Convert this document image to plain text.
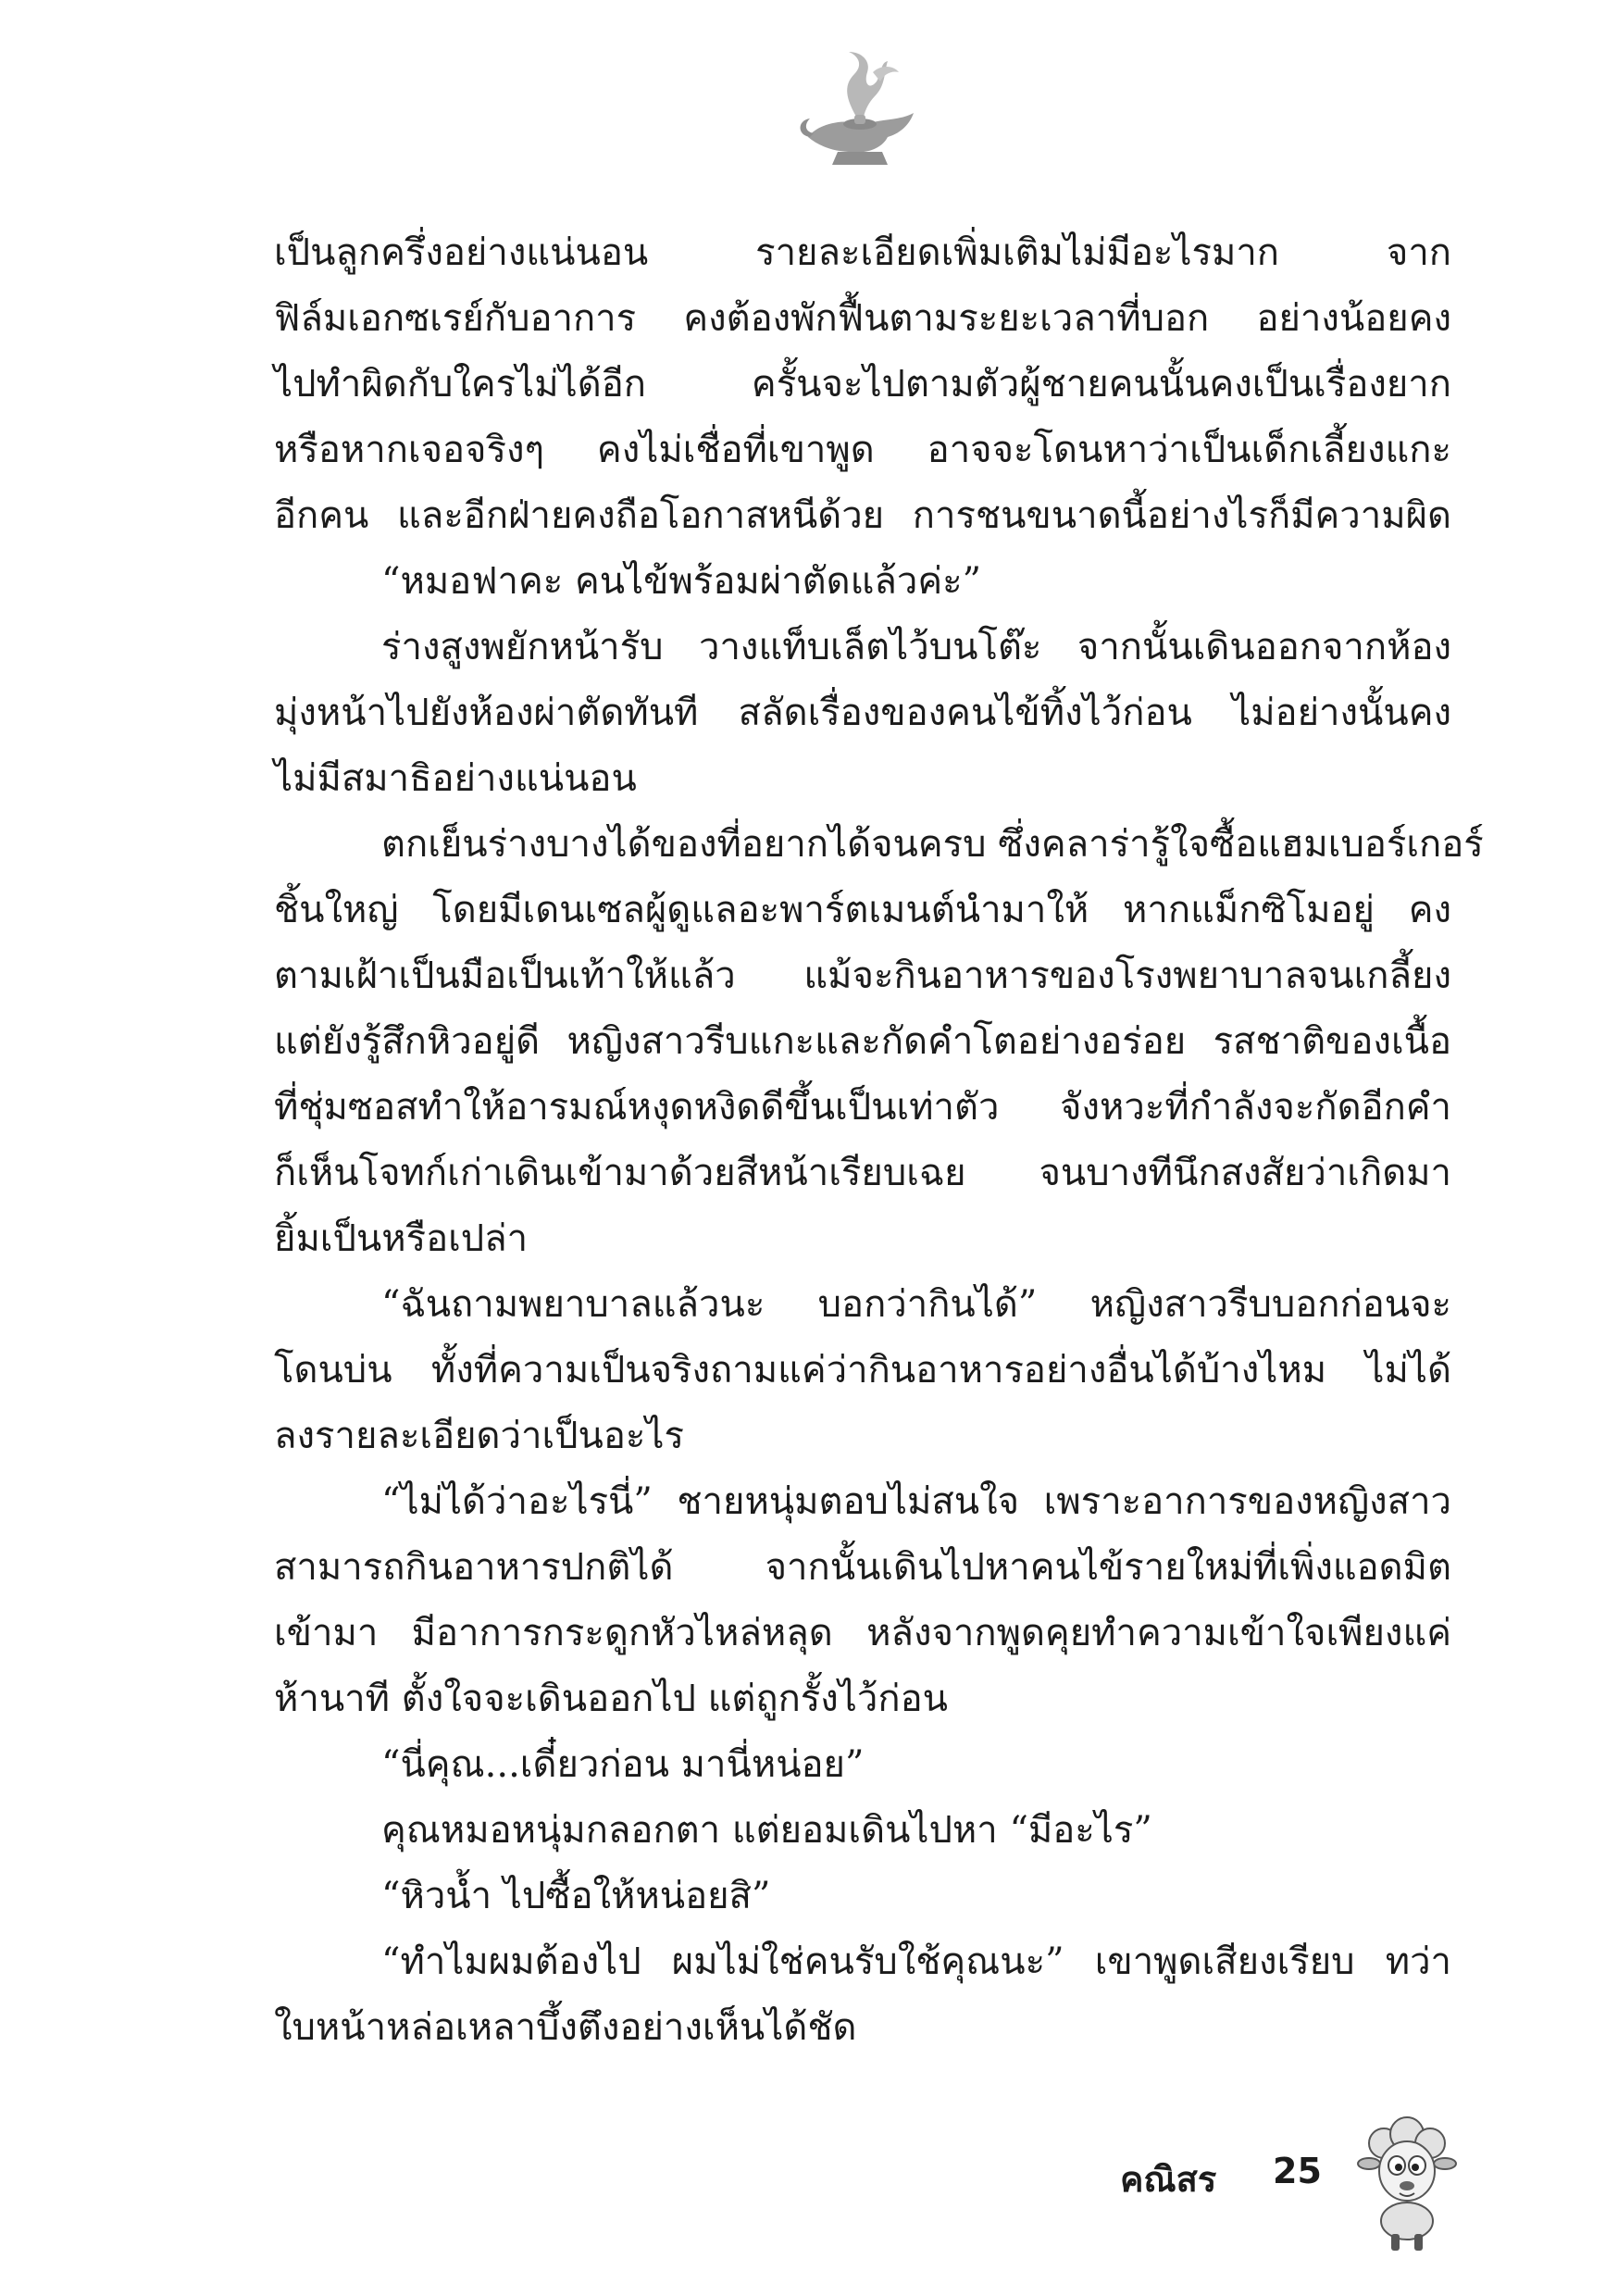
เป็นลูกครึ่งอย่างแน่นอน รายละเอียดเพิ่มเติมไม่มีอะไรมาก จาก
ฟิล์มเอกซเรย์กับอาการ คงต้องพักฟื้นตามระยะเวลาที่บอก อย่างน้อยคง
ไปทำผิดกับใครไม่ได้อีก ครั้นจะไปตามตัวผู้ชายคนนั้นคงเป็นเรื่องยาก
หรือหากเจอจริงๆ คงไม่เชื่อที่เขาพูด อาจจะโดนหาว่าเป็นเด็กเลี้ยงแกะ
อีกคน และอีกฝ่ายคงถือโอกาสหนีด้วย การชนขนาดนี้อย่างไรก็มีความผิด
“หมอฟาคะ คนไข้พร้อมผ่าตัดแล้วค่ะ”
ร่างสูงพยักหน้ารับ วางแท็บเล็ตไว้บนโต๊ะ จากนั้นเดินออกจากห้อง
มุ่งหน้าไปยังห้องผ่าตัดทันที สลัดเรื่องของคนไข้ทิ้งไว้ก่อน ไม่อย่างนั้นคง
ไม่มีสมาธิอย่างแน่นอน
ตกเย็นร่างบางได้ของที่อยากได้จนครบ ซึ่งคลาร่ารู้ใจซื้อแฮมเบอร์เกอร์
ชิ้นใหญ่ โดยมีเดนเซลผู้ดูแลอะพาร์ตเมนต์นำมาให้ หากแม็กซิโมอยู่ คง
ตามเฝ้าเป็นมือเป็นเท้าให้แล้ว แม้จะกินอาหารของโรงพยาบาลจนเกลี้ยง
แต่ยังรู้สึกหิวอยู่ดี หญิงสาวรีบแกะและกัดคำโตอย่างอร่อย รสชาติของเนื้อ
ที่ชุ่มซอสทำให้อารมณ์หงุดหงิดดีขึ้นเป็นเท่าตัว จังหวะที่กำลังจะกัดอีกคำ
ก็เห็นโจทก์เก่าเดินเข้ามาด้วยสีหน้าเรียบเฉย จนบางทีนึกสงสัยว่าเกิดมา
ยิ้มเป็นหรือเปล่า
“ฉันถามพยาบาลแล้วนะ บอกว่ากินได้” หญิงสาวรีบบอกก่อนจะ
โดนบ่น ทั้งที่ความเป็นจริงถามแค่ว่ากินอาหารอย่างอื่นได้บ้างไหม ไม่ได้
ลงรายละเอียดว่าเป็นอะไร
“ไม่ได้ว่าอะไรนี่” ชายหนุ่มตอบไม่สนใจ เพราะอาการของหญิงสาว
สามารถกินอาหารปกติได้ จากนั้นเดินไปหาคนไข้รายใหม่ที่เพิ่งแอดมิต
เข้ามา มีอาการกระดูกหัวไหล่หลุด หลังจากพูดคุยทำความเข้าใจเพียงแค่
ห้านาที ตั้งใจจะเดินออกไป แต่ถูกรั้งไว้ก่อน
“นี่คุณ...เดี๋ยวก่อน มานี่หน่อย”
คุณหมอหนุ่มกลอกตา แต่ยอมเดินไปหา “มีอะไร”
“หิวน้ำ ไปซื้อให้หน่อยสิ”
“ทำไมผมต้องไป ผมไม่ใช่คนรับใช้คุณนะ” เขาพูดเสียงเรียบ ทว่า
ใบหน้าหล่อเหลาบึ้งตึงอย่างเห็นได้ชัด
คณิสร 25
